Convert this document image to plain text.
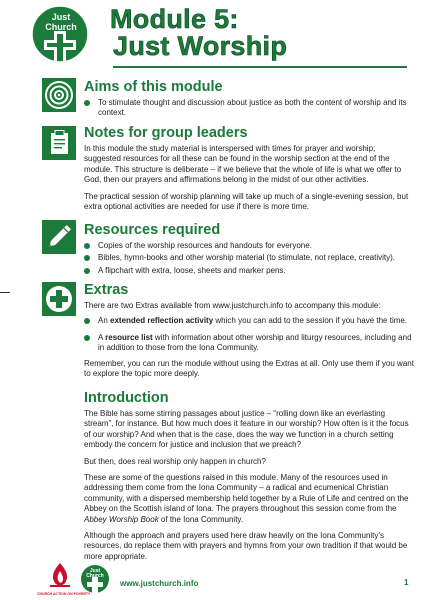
Just
Church Module 5:
Just Worship
Aims of this module
To stimulate thought and discussion about justice as both the content of worship and its context.
Notes for group leaders

In this module the study material is interspersed with times for prayer and worship; suggested resources for all these can be found in the worship section at the end of the module. This structure is deliberate – if we believe that the whole of life is what we offer to God, then our prayers and affirmations belong in the midst of our other activities.

The practical session of worship planning will take up much of a single-evening session, but extra optional activities are needed for use if there is more time.

Resources required
Copies of the worship resources and handouts for everyone.
Bibles, hymn-books and other worship material (to stimulate, not replace, creativity).
A flipchart with extra, loose, sheets and marker pens.
Extras

There are two Extras available from www.justchurch.info to accompany this module:

An extended reflection activity which you can add to the session if you have the time.
A resource list with information about other worship and liturgy resources, including and in addition to those from the Iona Community.

Remember, you can run the module without using the Extras at all. Only use them if you want to explore the topic more deeply.

Introduction

The Bible has some stirring passages about justice – “rolling down like an everlasting stream”, for instance. But how much does it feature in our worship? How often is it the focus of our worship? And when that is the case, does the way we function in a church setting embody the concern for justice and inclusion that we preach?

But then, does real worship only happen in church?

These are some of the questions raised in this module. Many of the resources used in addressing them come from the Iona Community – a radical and ecumenical Christian community, with a dispersed membership held together by a Rule of Life and centred on the Abbey on the Scottish island of Iona. The prayers throughout this session come from the Abbey Worship Book of the Iona Community.

Although the approach and prayers used here draw heavily on the Iona Community’s resources, do replace them with prayers and hymns from your own tradition if that would be more appropriate.

CHURCH ACTION ON POVERTY
Just
Church
www.justchurch.info	1
